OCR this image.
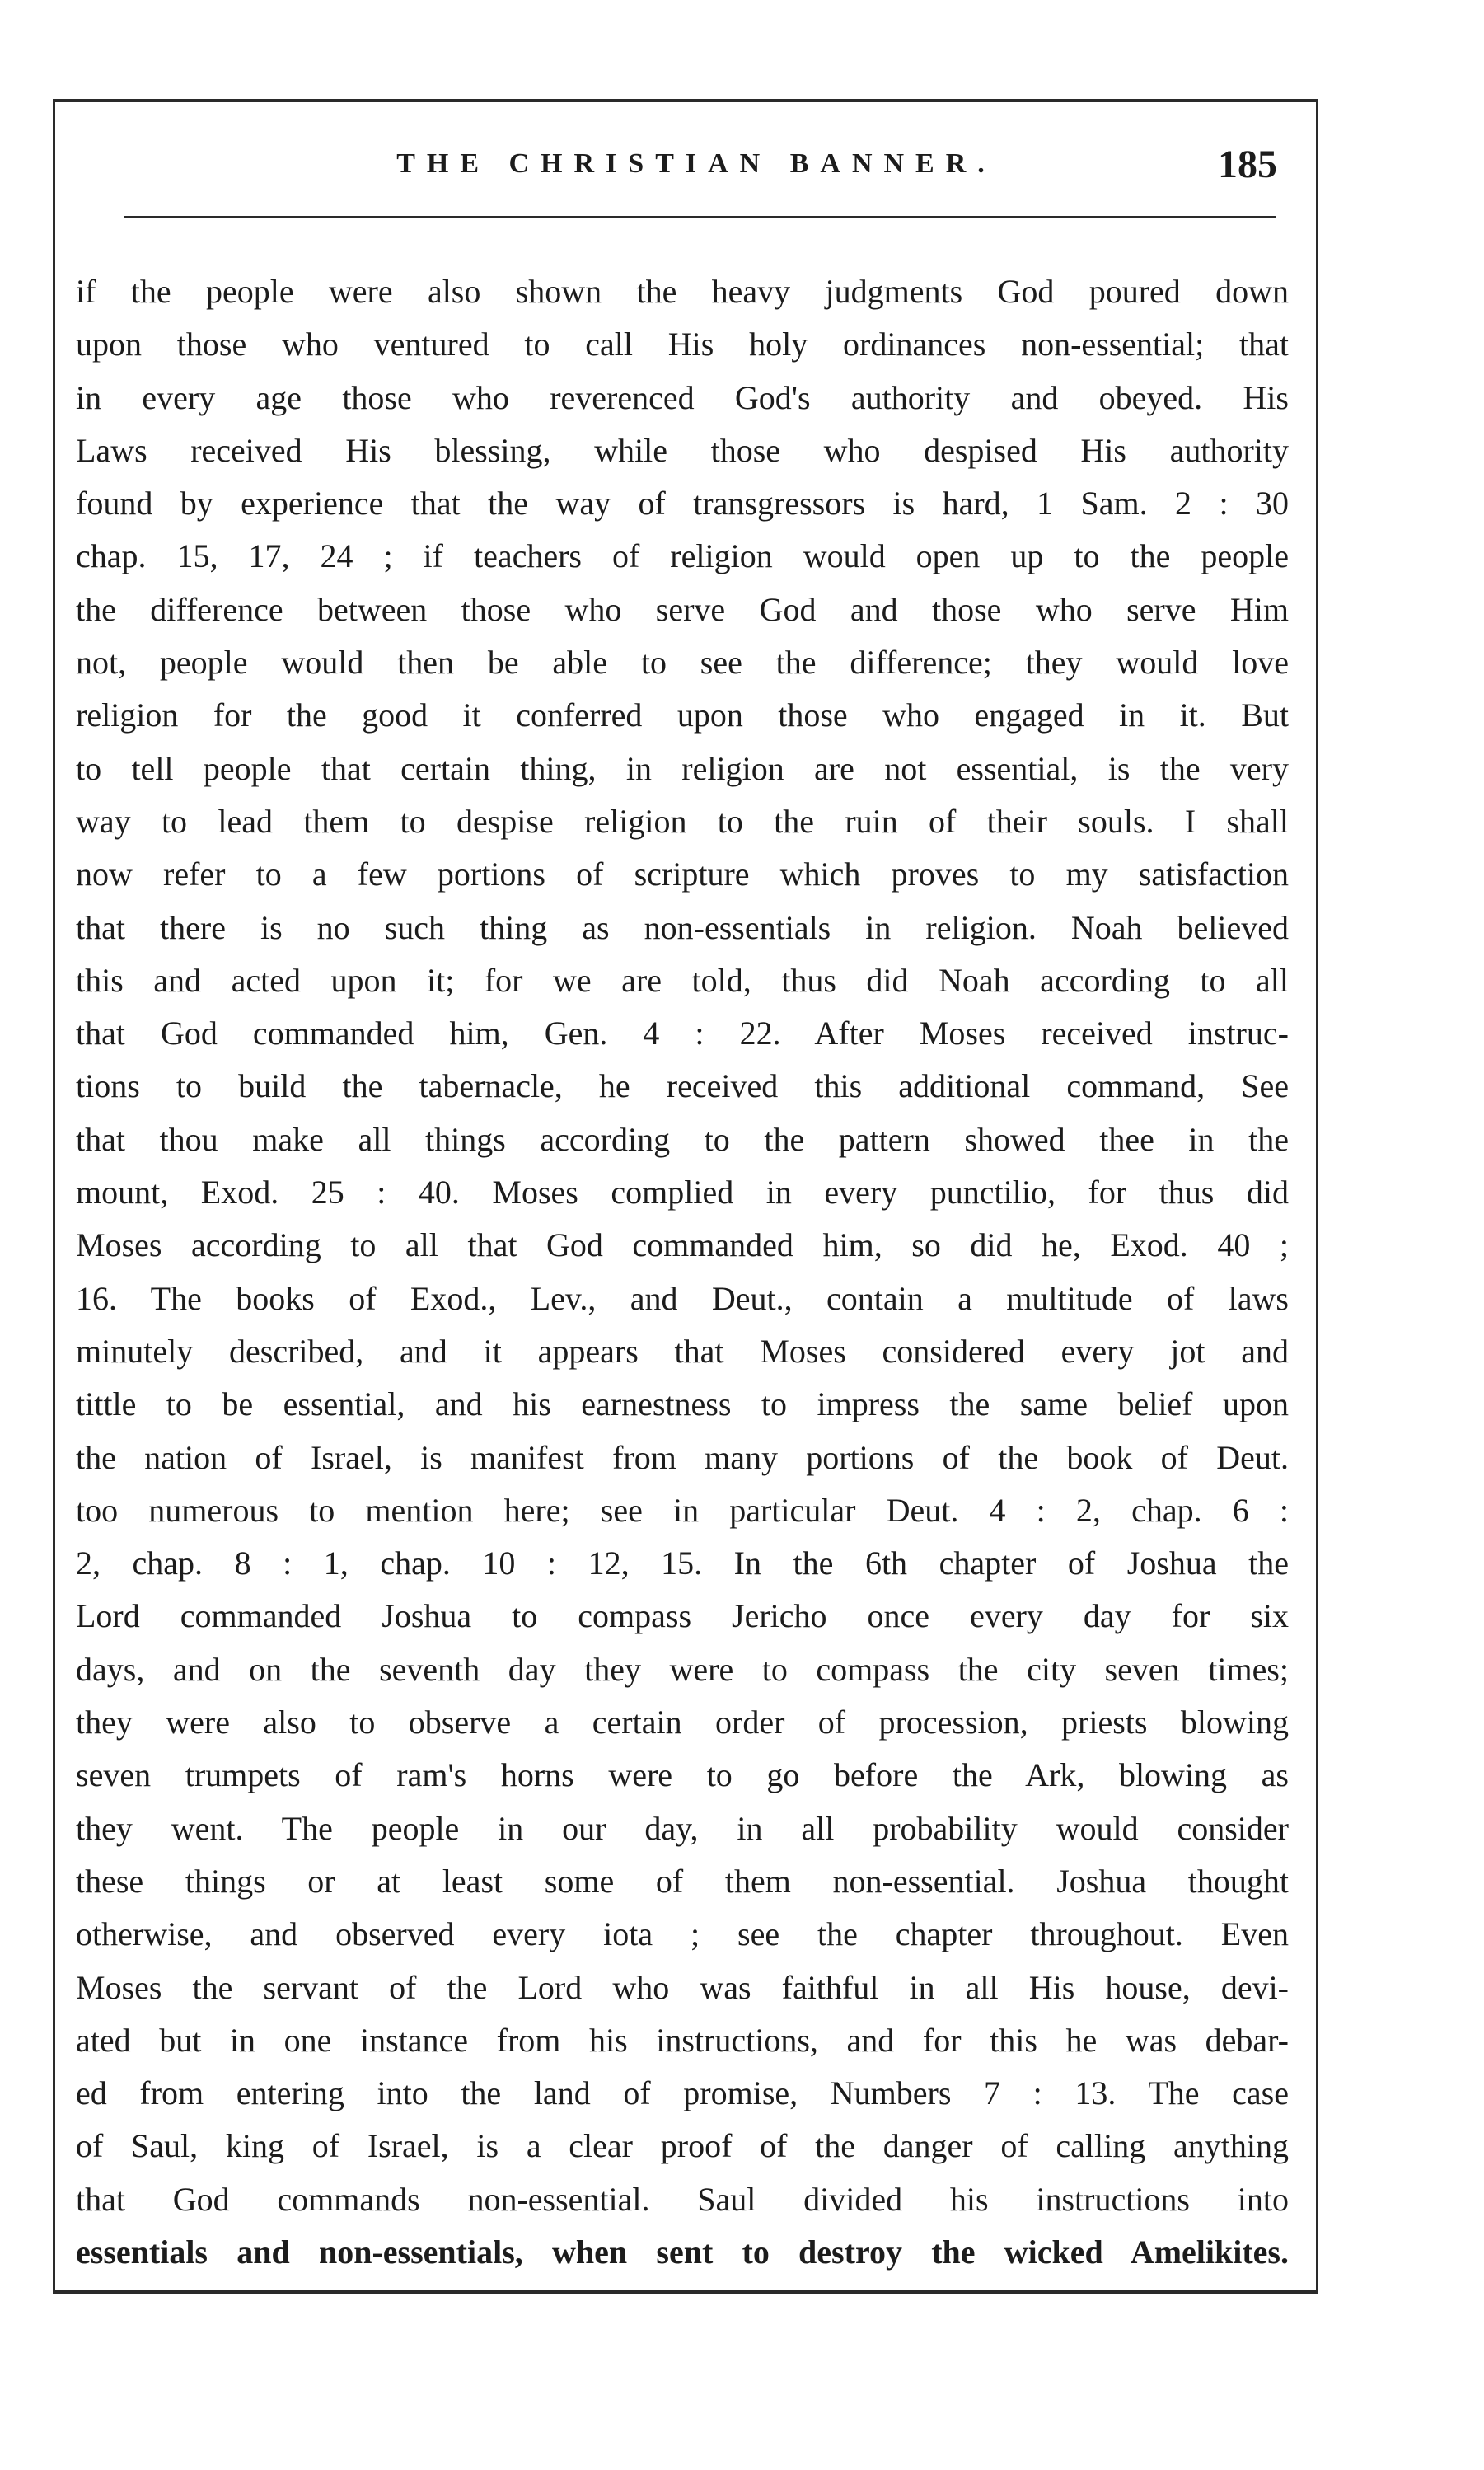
THE CHRISTIAN BANNER.	185
if the people were also shown the heavy judgments God poured down
upon those who ventured to call His holy ordinances non-essential; that
in every age those who reverenced God's authority and obeyed. His
Laws received His blessing, while those who despised His authority
found by experience that the way of transgressors is hard, 1 Sam. 2 : 30
chap. 15, 17, 24 ; if teachers of religion would open up to the people
the difference between those who serve God and those who serve Him
not, people would then be able to see the difference; they would love
religion for the good it conferred upon those who engaged in it. But
to tell people that certain thing, in religion are not essential, is the very
way to lead them to despise religion to the ruin of their souls. I shall
now refer to a few portions of scripture which proves to my satisfaction
that there is no such thing as non-essentials in religion. Noah believed
this and acted upon it; for we are told, thus did Noah according to all
that God commanded him, Gen. 4 : 22. After Moses received instruc-
tions to build the tabernacle, he received this additional command, See
that thou make all things according to the pattern showed thee in the
mount, Exod. 25 : 40. Moses complied in every punctilio, for thus did
Moses according to all that God commanded him, so did he, Exod. 40 ;
16. The books of Exod., Lev., and Deut., contain a multitude of laws
minutely described, and it appears that Moses considered every jot and
tittle to be essential, and his earnestness to impress the same belief upon
the nation of Israel, is manifest from many portions of the book of Deut.
too numerous to mention here; see in particular Deut. 4 : 2, chap. 6 :
2, chap. 8 : 1, chap. 10 : 12, 15. In the 6th chapter of Joshua the
Lord commanded Joshua to compass Jericho once every day for six
days, and on the seventh day they were to compass the city seven times;
they were also to observe a certain order of procession, priests blowing
seven trumpets of ram's horns were to go before the Ark, blowing as
they went. The people in our day, in all probability would consider
these things or at least some of them non-essential. Joshua thought
otherwise, and observed every iota ; see the chapter throughout. Even
Moses the servant of the Lord who was faithful in all His house, devi-
ated but in one instance from his instructions, and for this he was debar-
ed from entering into the land of promise, Numbers 7 : 13. The case
of Saul, king of Israel, is a clear proof of the danger of calling anything
that God commands non-essential. Saul divided his instructions into
essentials and non-essentials, when sent to destroy the wicked Amelikites.
